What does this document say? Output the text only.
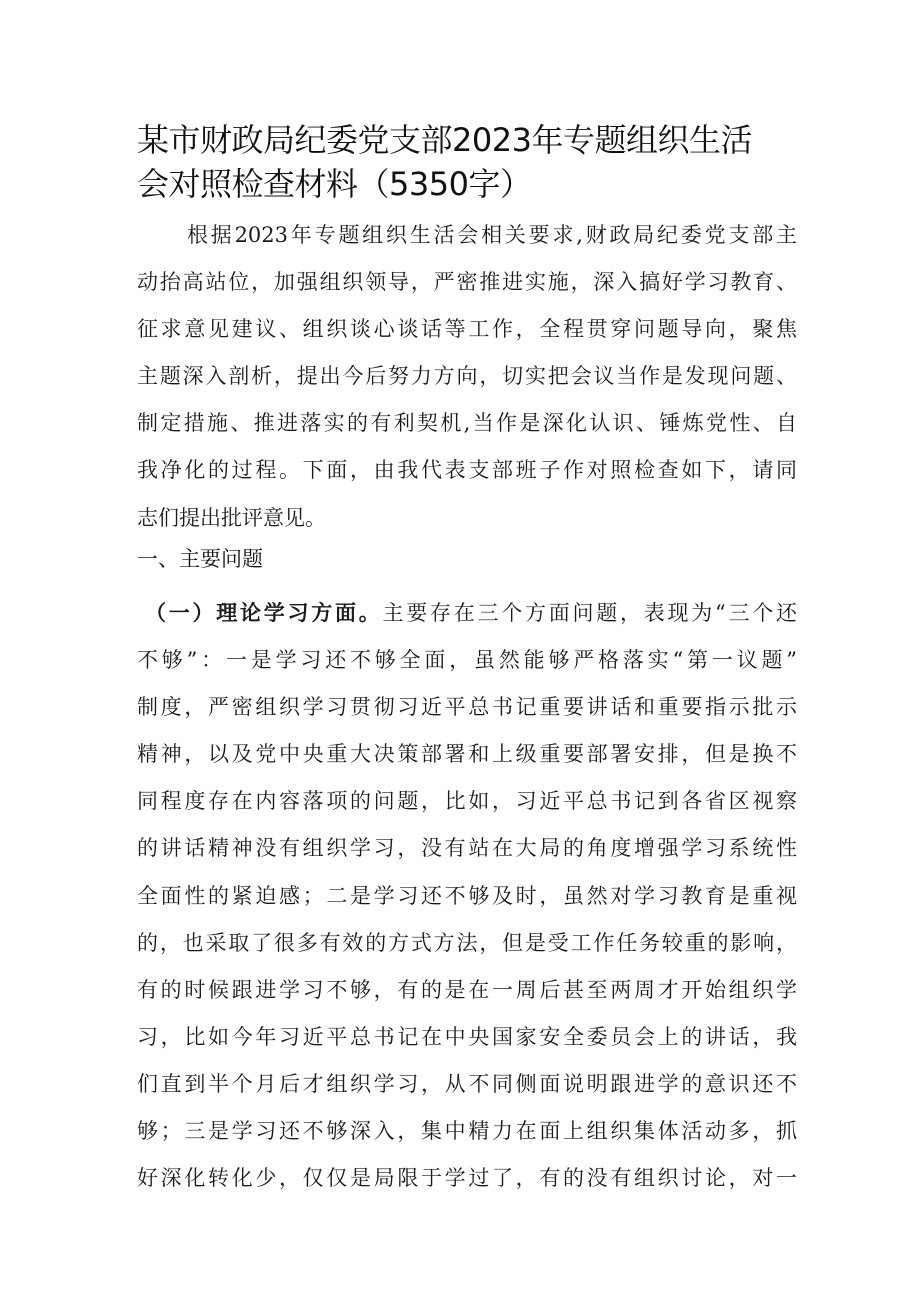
某市财政局纪委党支部2023年专题组织生活
会对照检查材料（5350字）
根据2023年专题组织生活会相关要求,财政局纪委党支部主
动抬高站位，加强组织领导，严密推进实施，深入搞好学习教育、
征求意见建议、组织谈心谈话等工作，全程贯穿问题导向，聚焦
主题深入剖析，提出今后努力方向，切实把会议当作是发现问题、
制定措施、推进落实的有利契机,当作是深化认识、锤炼党性、自
我净化的过程。下面，由我代表支部班子作对照检查如下，请同
志们提出批评意见。
一、主要问题
（一）理论学习方面。主要存在三个方面问题，表现为“三个还
不够”：一是学习还不够全面，虽然能够严格落实“第一议题”
制度，严密组织学习贯彻习近平总书记重要讲话和重要指示批示
精神，以及党中央重大决策部署和上级重要部署安排，但是换不
同程度存在内容落项的问题，比如，习近平总书记到各省区视察
的讲话精神没有组织学习，没有站在大局的角度增强学习系统性
全面性的紧迫感；二是学习还不够及时，虽然对学习教育是重视
的，也采取了很多有效的方式方法，但是受工作任务较重的影响，
有的时候跟进学习不够，有的是在一周后甚至两周才开始组织学
习，比如今年习近平总书记在中央国家安全委员会上的讲话，我
们直到半个月后才组织学习，从不同侧面说明跟进学的意识还不
够；三是学习还不够深入，集中精力在面上组织集体活动多，抓
好深化转化少，仅仅是局限于学过了，有的没有组织讨论，对一
